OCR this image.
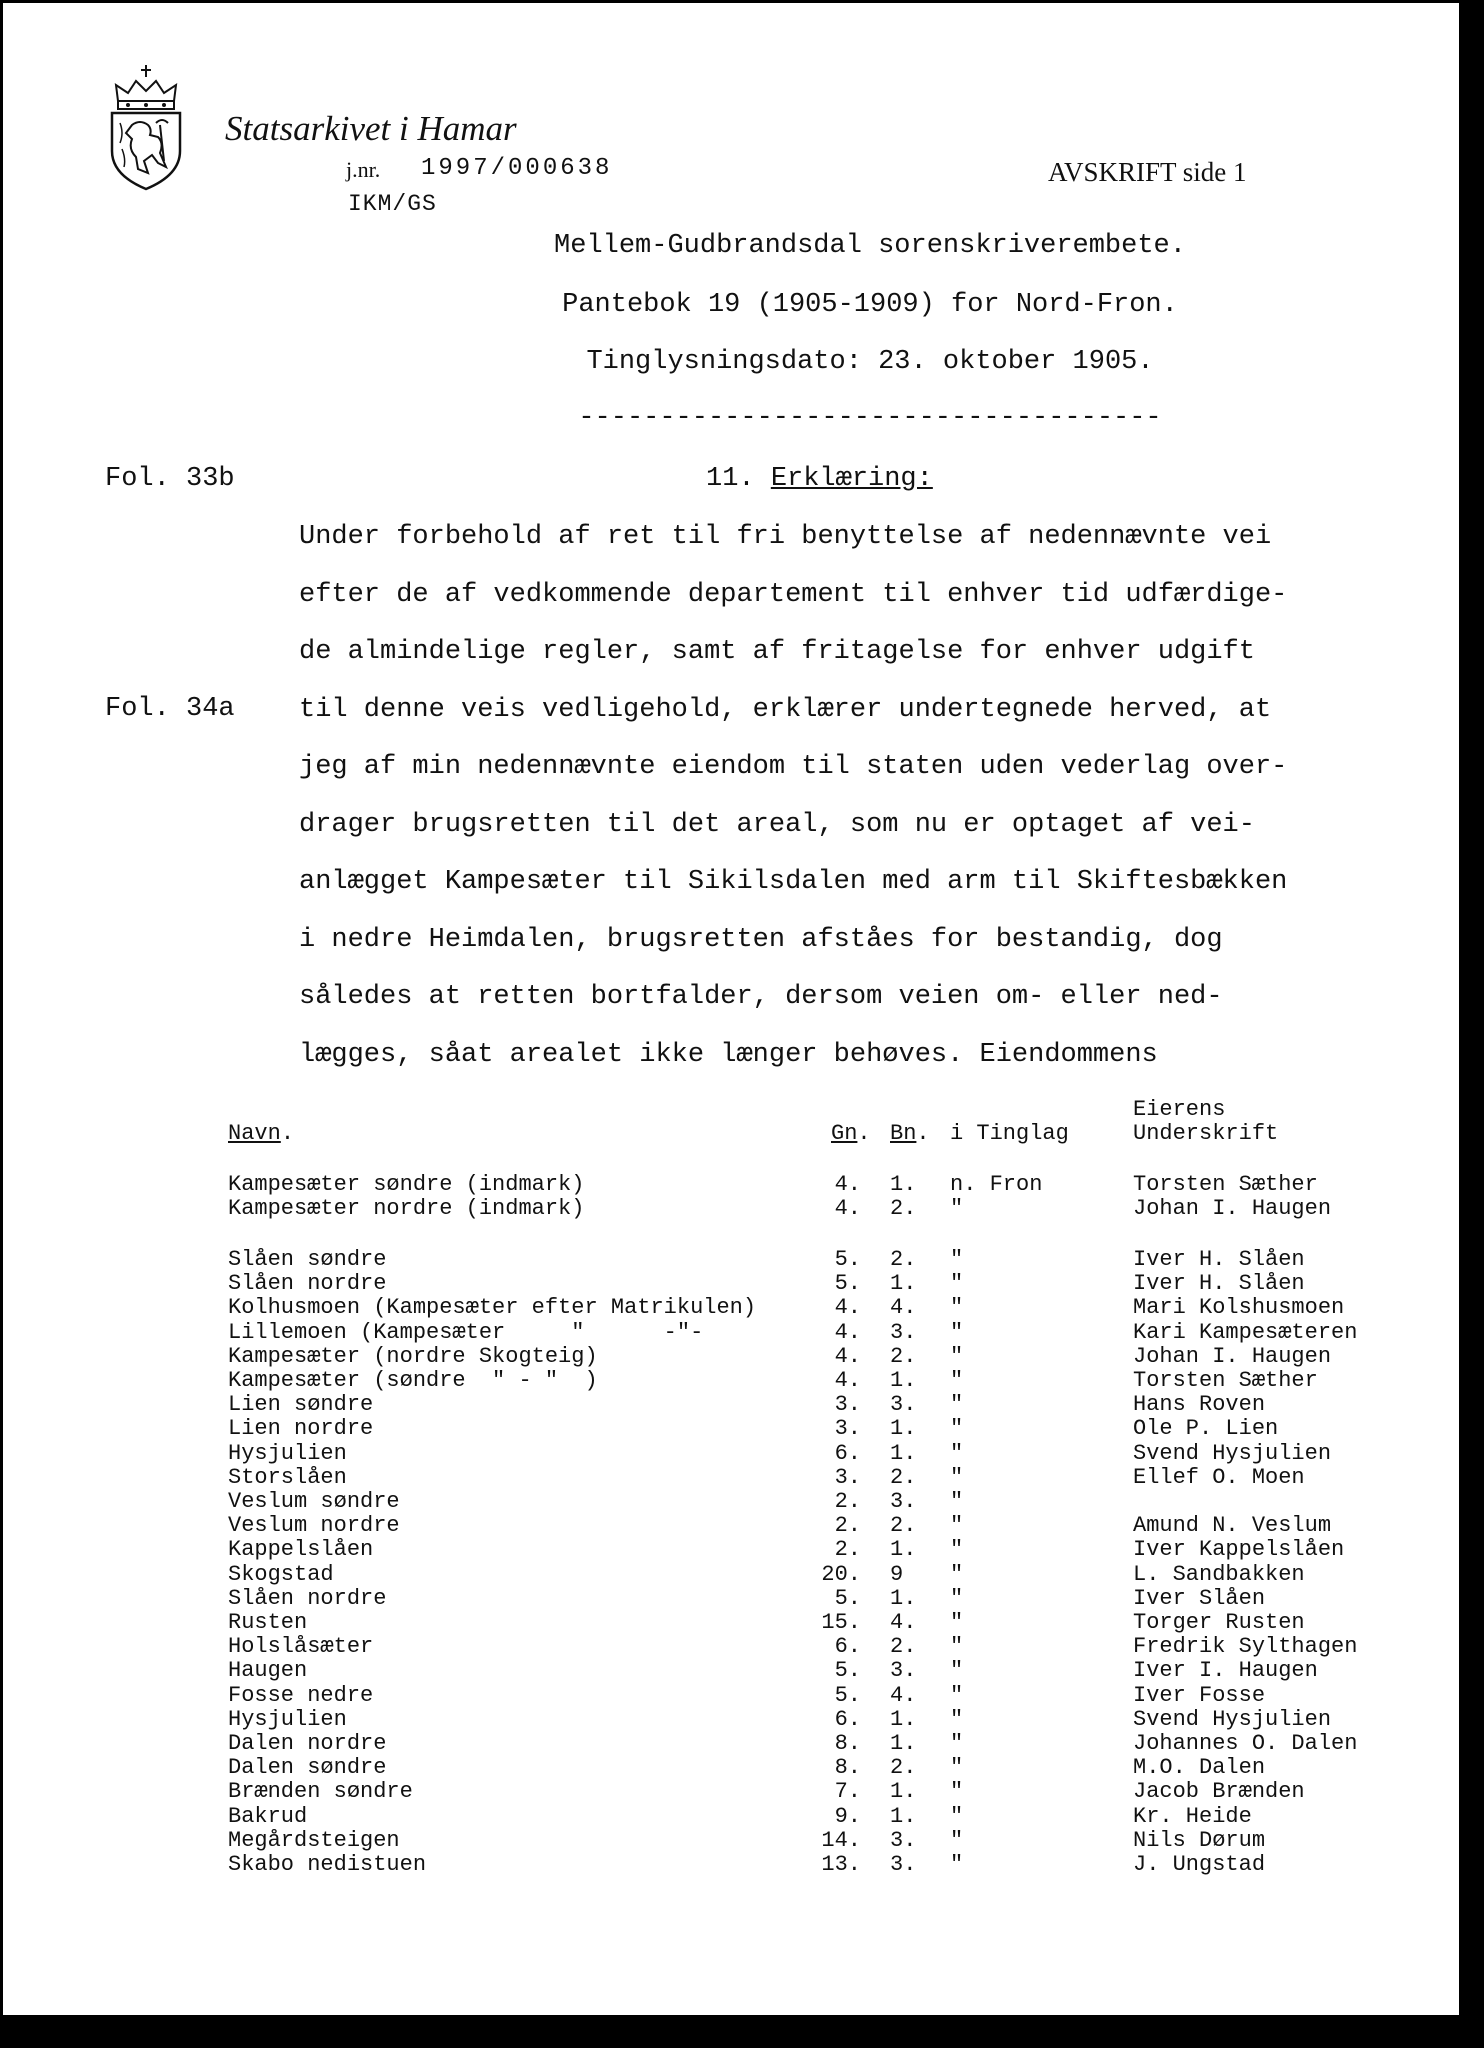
Statsarkivet i Hamar
j.nr. 1997/000638
IKM/GS
AVSKRIFT side 1
Mellem-Gudbrandsdal sorenskriverembete.
Pantebok 19 (1905-1909) for Nord-Fron.
Tinglysningsdato: 23. oktober 1905.
------------------------------------
Fol. 33b
Fol. 34a
11. Erklæring:
Under forbehold af ret til fri benyttelse af nedennævnte vei
efter de af vedkommende departement til enhver tid udfærdige-
de almindelige regler, samt af fritagelse for enhver udgift
til denne veis vedligehold, erklærer undertegnede herved, at
jeg af min nedennævnte eiendom til staten uden vederlag over-
drager brugsretten til det areal, som nu er optaget af vei-
anlægget Kampesæter til Sikilsdalen med arm til Skiftesbækken
i nedre Heimdalen, brugsretten afståes for bestandig, dog
således at retten bortfalder, dersom veien om- eller ned-
lægges, såat arealet ikke længer behøves. Eiendommens
Eierens
Navn.	Gn. Bn. i Tinglag	Underskrift
Kampesæter søndre (indmark)	4. 1. n. Fron	Torsten Sæther
Kampesæter nordre (indmark)	4. 2. "	Johan I. Haugen
Slåen søndre	5. 2. "	Iver H. Slåen
Slåen nordre	5. 1. "	Iver H. Slåen
Kolhusmoen (Kampesæter efter Matrikulen)	4. 4. "	Mari Kolshusmoen
Lillemoen (Kampesæter     "      -"-	4. 3. "	Kari Kampesæteren
Kampesæter (nordre Skogteig)	4. 2. "	Johan I. Haugen
Kampesæter (søndre  " - "  )	4. 1. "	Torsten Sæther
Lien søndre	3. 3. "	Hans Roven
Lien nordre	3. 1. "	Ole P. Lien
Hysjulien	6. 1. "	Svend Hysjulien
Storslåen	3. 2. "	Ellef O. Moen
Veslum søndre	2. 3. "
Veslum nordre	2. 2. "	Amund N. Veslum
Kappelslåen	2. 1. "	Iver Kappelslåen
Skogstad	20. 9 "	L. Sandbakken
Slåen nordre	5. 1. "	Iver Slåen
Rusten	15. 4. "	Torger Rusten
Holslåsæter	6. 2. "	Fredrik Sylthagen
Haugen	5. 3. "	Iver I. Haugen
Fosse nedre	5. 4. "	Iver Fosse
Hysjulien	6. 1. "	Svend Hysjulien
Dalen nordre	8. 1. "	Johannes O. Dalen
Dalen søndre	8. 2. "	M.O. Dalen
Brænden søndre	7. 1. "	Jacob Brænden
Bakrud	9. 1. "	Kr. Heide
Megårdsteigen	14. 3. "	Nils Dørum
Skabo nedistuen	13. 3. "	J. Ungstad
